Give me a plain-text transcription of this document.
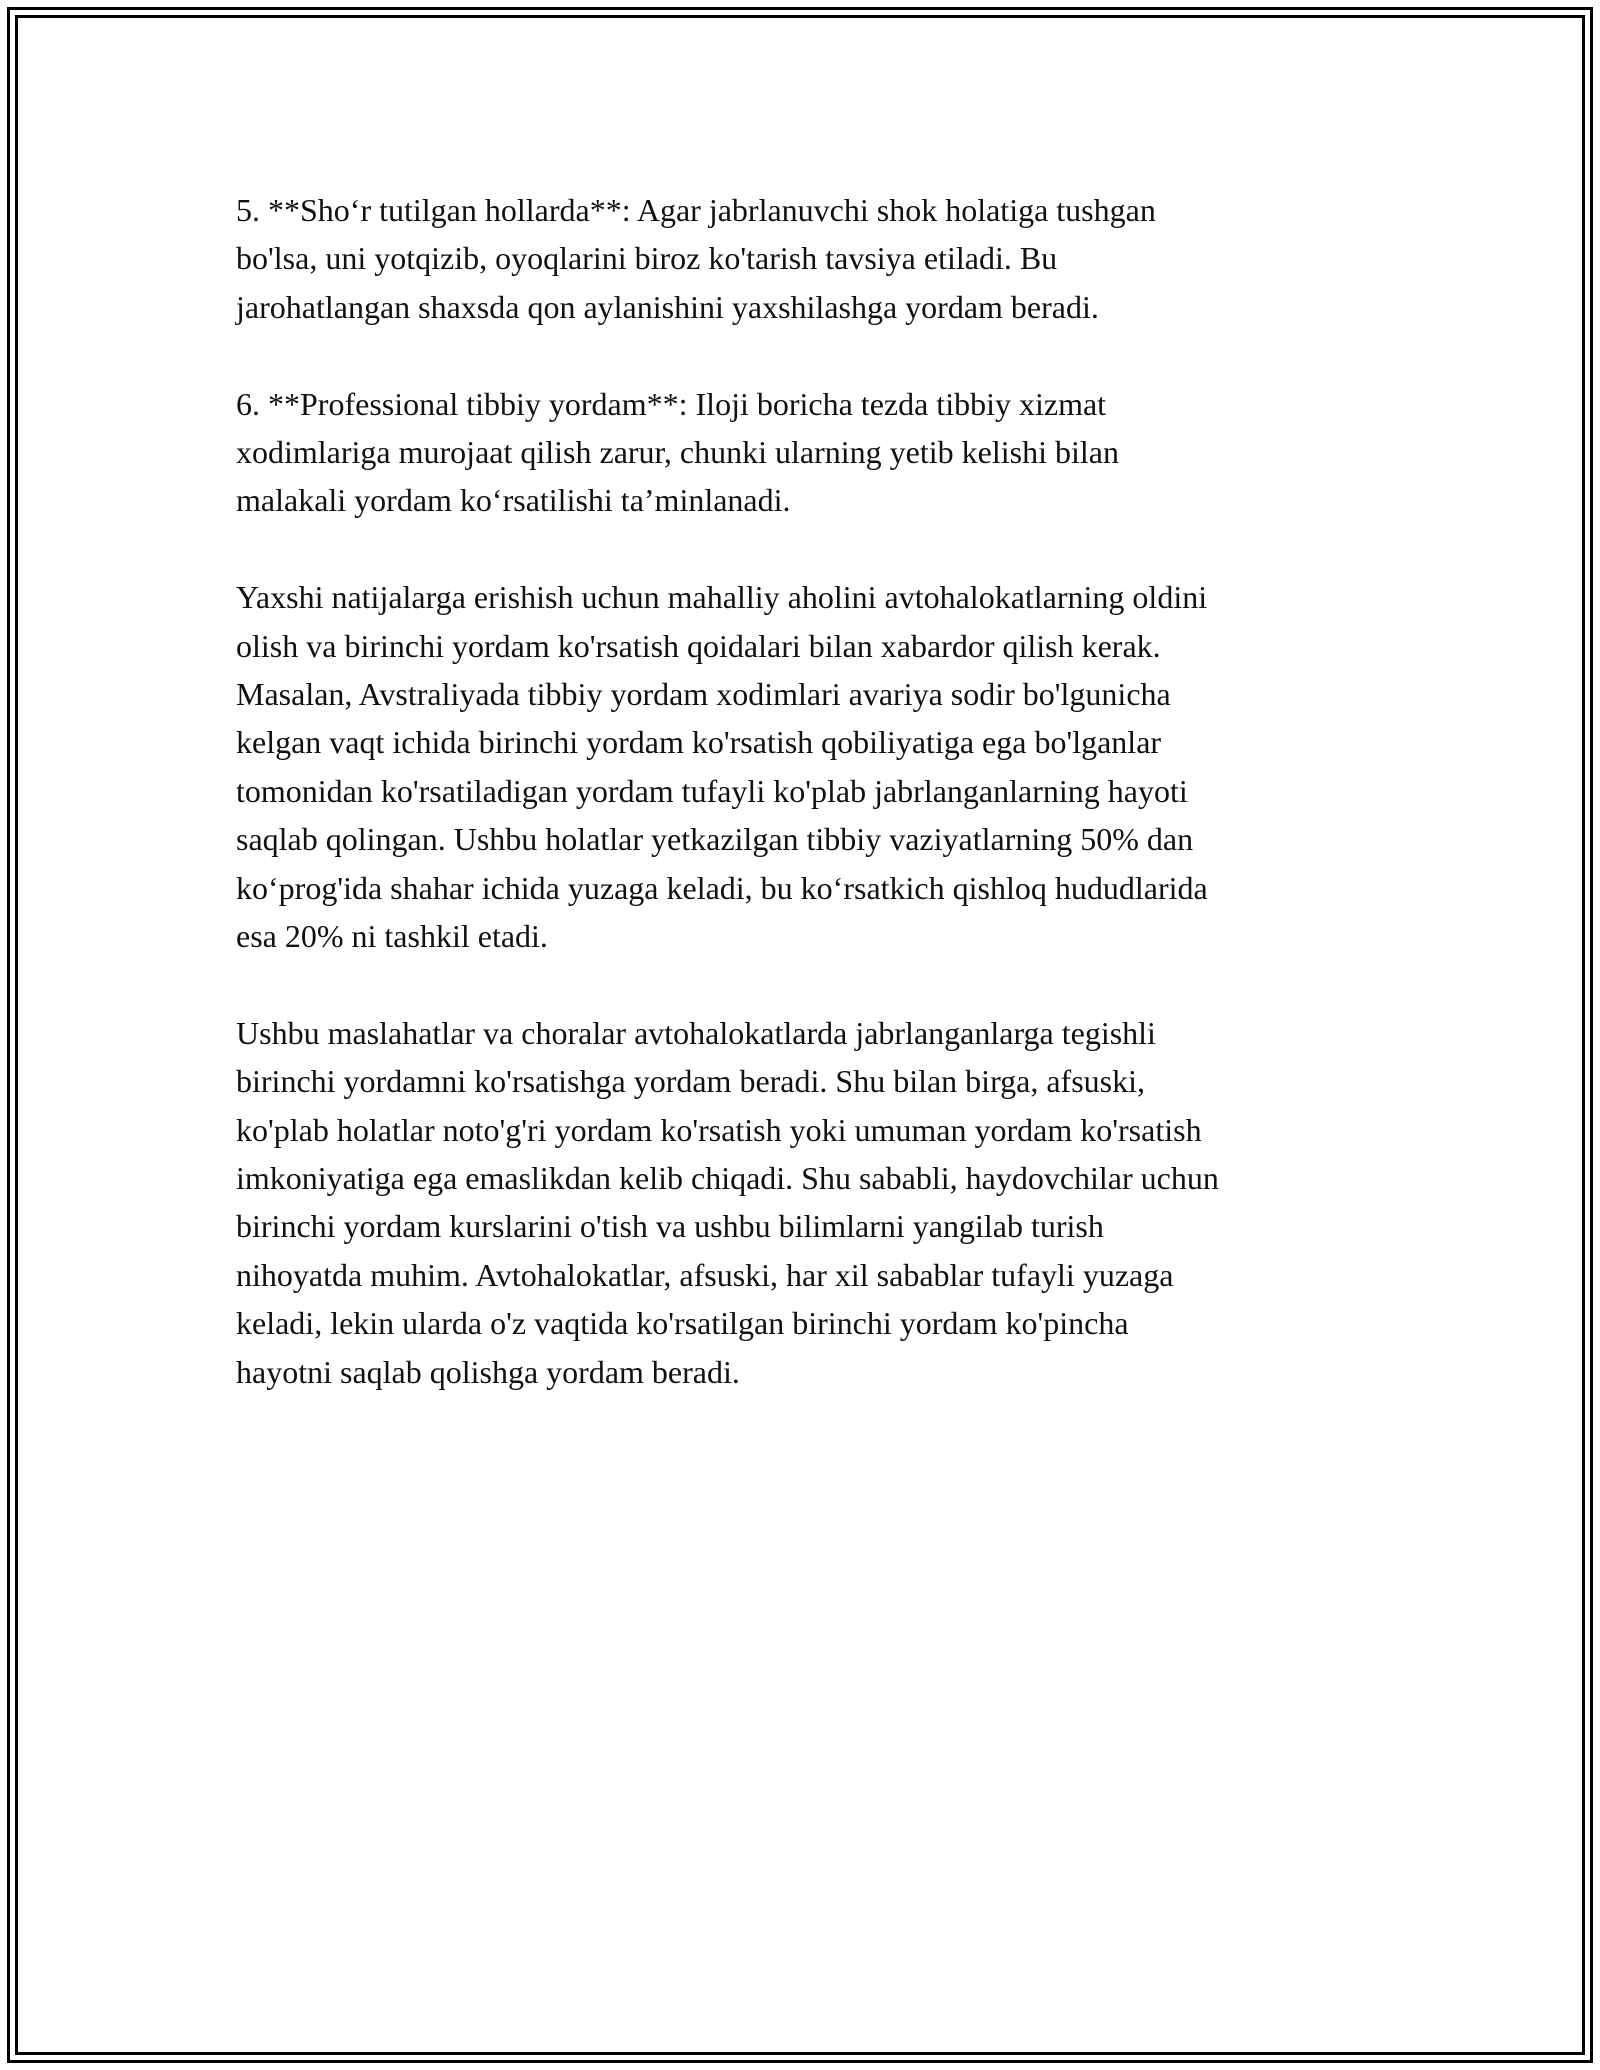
5. **Sho‘r tutilgan hollarda**: Agar jabrlanuvchi shok holatiga tushgan
bo'lsa, uni yotqizib, oyoqlarini biroz ko'tarish tavsiya etiladi. Bu
jarohatlangan shaxsda qon aylanishini yaxshilashga yordam beradi.

6. **Professional tibbiy yordam**: Iloji boricha tezda tibbiy xizmat
xodimlariga murojaat qilish zarur, chunki ularning yetib kelishi bilan
malakali yordam ko‘rsatilishi ta’minlanadi.

Yaxshi natijalarga erishish uchun mahalliy aholini avtohalokatlarning oldini
olish va birinchi yordam ko'rsatish qoidalari bilan xabardor qilish kerak.
Masalan, Avstraliyada tibbiy yordam xodimlari avariya sodir bo'lgunicha
kelgan vaqt ichida birinchi yordam ko'rsatish qobiliyatiga ega bo'lganlar
tomonidan ko'rsatiladigan yordam tufayli ko'plab jabrlanganlarning hayoti
saqlab qolingan. Ushbu holatlar yetkazilgan tibbiy vaziyatlarning 50% dan
ko‘prog'ida shahar ichida yuzaga keladi, bu ko‘rsatkich qishloq hududlarida
esa 20% ni tashkil etadi.

Ushbu maslahatlar va choralar avtohalokatlarda jabrlanganlarga tegishli
birinchi yordamni ko'rsatishga yordam beradi. Shu bilan birga, afsuski,
ko'plab holatlar noto'g'ri yordam ko'rsatish yoki umuman yordam ko'rsatish
imkoniyatiga ega emaslikdan kelib chiqadi. Shu sababli, haydovchilar uchun
birinchi yordam kurslarini o'tish va ushbu bilimlarni yangilab turish
nihoyatda muhim. Avtohalokatlar, afsuski, har xil sabablar tufayli yuzaga
keladi, lekin ularda o'z vaqtida ko'rsatilgan birinchi yordam ko'pincha
hayotni saqlab qolishga yordam beradi.
